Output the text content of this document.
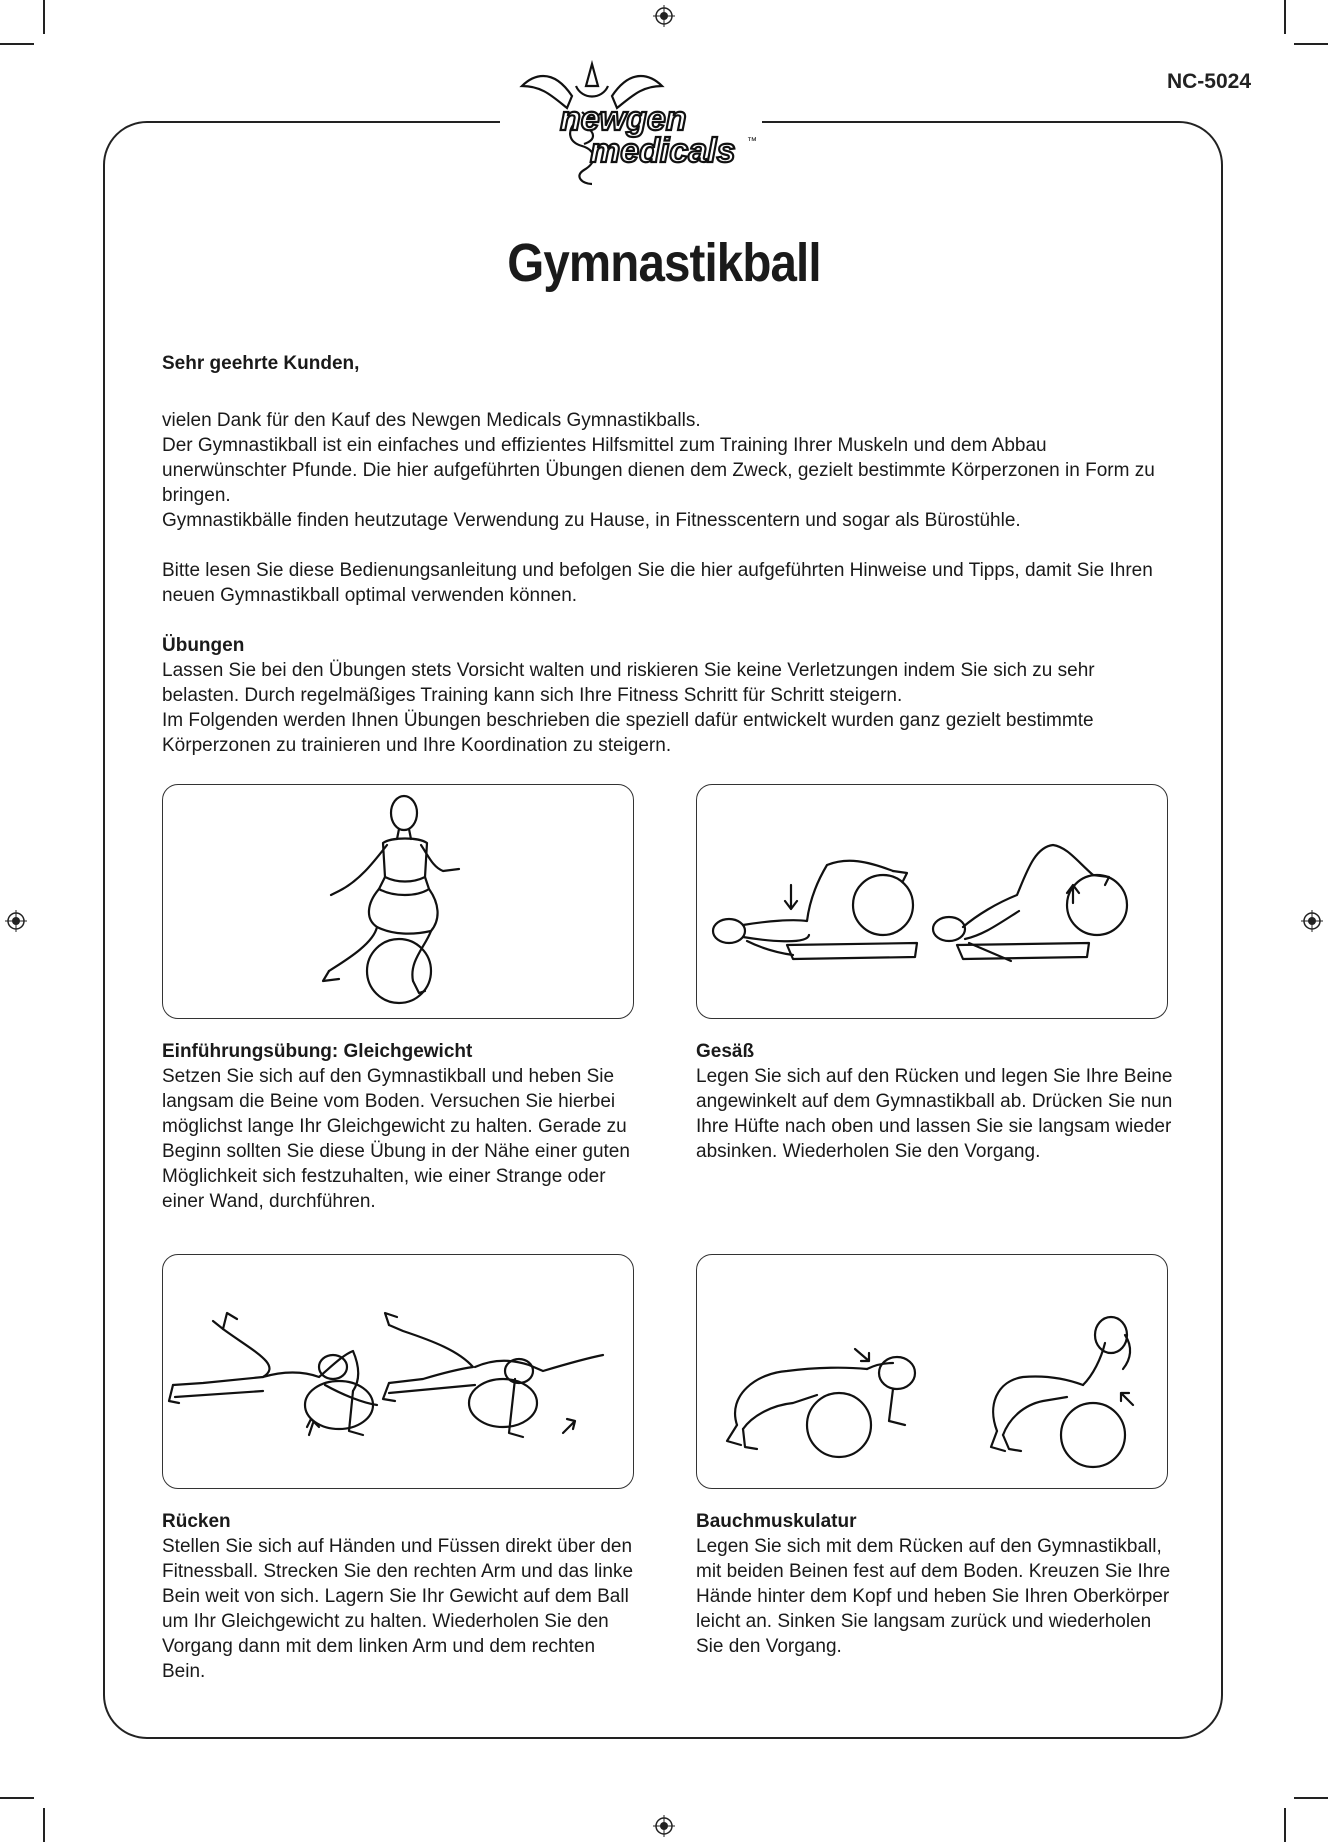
newgen
medicals ™
NC-5024
Gymnastikball

Sehr geehrte Kunden,

vielen Dank für den Kauf des Newgen Medicals Gymnastikballs.

Der Gymnastikball ist ein einfaches und effizientes Hilfsmittel zum Training Ihrer Muskeln und dem Abbau unerwünschter Pfunde. Die hier aufgeführten Übungen dienen dem Zweck, gezielt bestimmte Körperzonen in Form zu bringen.

Gymnastikbälle finden heutzutage Verwendung zu Hause, in Fitnesscentern und sogar als Bürostühle.

Bitte lesen Sie diese Bedienungsanleitung und befolgen Sie die hier aufgeführten Hinweise und Tipps, damit Sie Ihren neuen Gymnastikball optimal verwenden können.

Übungen

Lassen Sie bei den Übungen stets Vorsicht walten und riskieren Sie keine Verletzungen indem Sie sich zu sehr belasten. Durch regelmäßiges Training kann sich Ihre Fitness Schritt für Schritt steigern.

Im Folgenden werden Ihnen Übungen beschrieben die speziell dafür entwickelt wurden ganz gezielt bestimmte Körperzonen zu trainieren und Ihre Koordination zu steigern.

Einführungsübung: Gleichgewicht
Setzen Sie sich auf den Gymnastikball und heben Sie langsam die Beine vom Boden. Versuchen Sie hierbei möglichst lange Ihr Gleichgewicht zu halten. Gerade zu Beginn sollten Sie diese Übung in der Nähe einer guten Möglichkeit sich festzuhalten, wie einer Strange oder einer Wand, durchführen.
Gesäß
Legen Sie sich auf den Rücken und legen Sie Ihre Beine angewinkelt auf dem Gymnastikball ab. Drücken Sie nun Ihre Hüfte nach oben und lassen Sie sie langsam wieder absinken. Wiederholen Sie den Vorgang.
Rücken
Stellen Sie sich auf Händen und Füssen direkt über den Fitnessball. Strecken Sie den rechten Arm und das linke Bein weit von sich. Lagern Sie Ihr Gewicht auf dem Ball um Ihr Gleichgewicht zu halten. Wiederholen Sie den Vorgang dann mit dem linken Arm und dem rechten Bein.
Bauchmuskulatur
Legen Sie sich mit dem Rücken auf den Gymnastikball, mit beiden Beinen fest auf dem Boden. Kreuzen Sie Ihre Hände hinter dem Kopf und heben Sie Ihren Oberkörper leicht an. Sinken Sie langsam zurück und wiederholen Sie den Vorgang.
